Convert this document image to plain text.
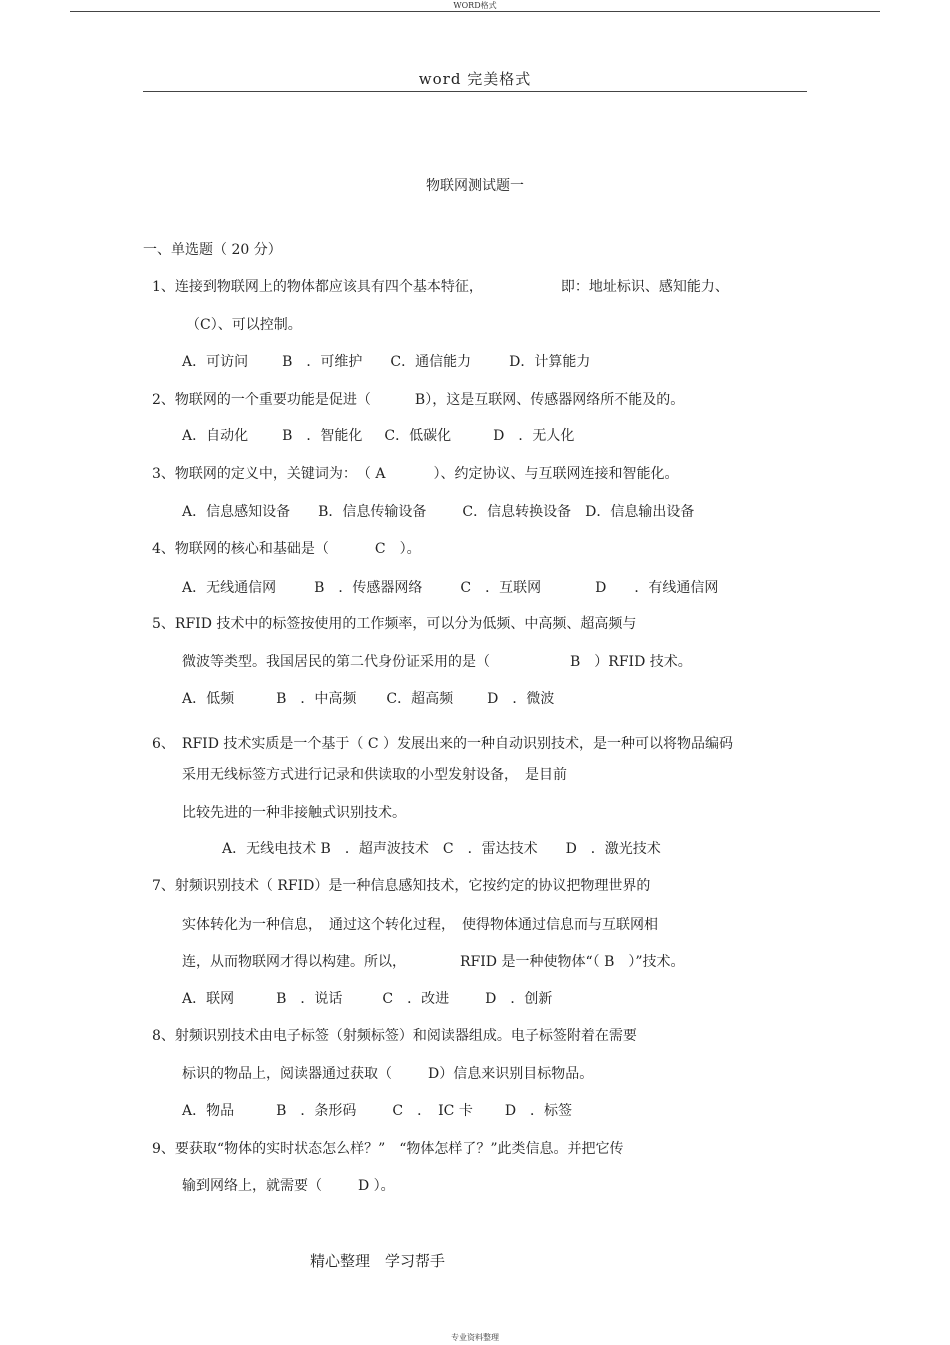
WORD格式
word 完美格式
物联网测试题一
一、单选题（ 20 分）
1、连接到物联网上的物体都应该具有四个基本特征，	即：地址标识、感知能力、
（C）、可以控制。
A．可访问 B　．可维护 C．通信能力	D．计算能力
2、物联网的一个重要功能是促进（	B），这是互联网、传感器网络所不能及的。
A．自动化 B　．智能化 C．低碳化	D　．无人化
3、物联网的定义中，关键词为：　（ A	）、约定协议、与互联网连接和智能化。
A．信息感知设备 B．信息传输设备	C．信息转换设备 D．信息输出设备
4、物联网的核心和基础是（	C　）。
A．无线通信网	B　．传感器网络	C　．互联网	D　　．有线通信网
5、RFID 技术中的标签按使用的工作频率，可以分为低频、中高频、超高频与
微波等类型。我国居民的第二代身份证采用的是（	B　）RFID 技术。
A．低频	B　．中高频 C．超高频 D　．微波
6、　RFID 技术实质是一个基于（ C ）发展出来的一种自动识别技术，是一种可以将物品编码
采用无线标签方式进行记录和供读取的小型发射设备，　是目前
比较先进的一种非接触式识别技术。
A．无线电技术 B　．超声波技术 C　．雷达技术 D　．激光技术
7、射频识别技术（ RFID）是一种信息感知技术，它按约定的协议把物理世界的
实体转化为一种信息，　通过这个转化过程，　使得物体通过信息而与互联网相
连，从而物联网才得以构建。所以，	RFID 是一种使物体“（ B　）”技术。
A．联网	B　．说话	C　．改进	D　．创新
8、射频识别技术由电子标签（射频标签）和阅读器组成。电子标签附着在需要
标识的物品上，阅读器通过获取（	D）信息来识别目标物品。
A．物品	B　．条形码	C　．　IC 卡 D　．标签
9、要获取“物体的实时状态怎么样？”　“物体怎样了？”此类信息。并把它传
输到网络上，就需要（	D ）。
精心整理　学习帮手
专业资料整理
